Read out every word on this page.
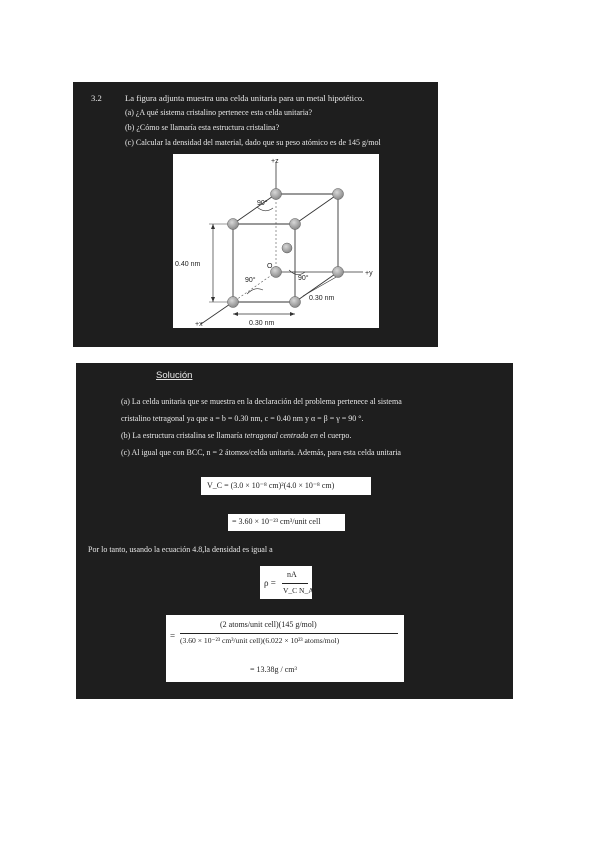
3.2	La figura adjunta muestra una celda unitaria para un metal hipotético.
(a) ¿A qué sistema cristalino pertenece esta celda unitaria?
(b) ¿Cómo se llamaría esta estructura cristalina?
(c) Calcular la densidad del material, dado que su peso atómico es de 145 g/mol
+z
+y
+x
O
90°
90°	90°
0.40 nm
0.30 nm
0.30 nm
Solución
(a) La celda unitaria que se muestra en la declaración del problema pertenece al sistema
cristalino tetragonal ya que a = b = 0.30 nm, c = 0.40 nm y α = β = γ = 90 °.
(b) La estructura cristalina se llamaría tetragonal centrada en el cuerpo.
(c) Al igual que con BCC, n = 2 átomos/celda unitaria. Además, para esta celda unitaria
V_C = (3.0 × 10⁻⁸ cm)²(4.0 × 10⁻⁸ cm)
= 3.60 × 10⁻²³ cm³/unit cell
Por lo tanto, usando la ecuación 4.8,la densidad es igual a
ρ =
nA
V_C N_A
=
(2 atoms/unit cell)(145 g/mol)
(3.60 × 10⁻²³ cm³/unit cell)(6.022 × 10²³ atoms/mol)
= 13.38g / cm³
